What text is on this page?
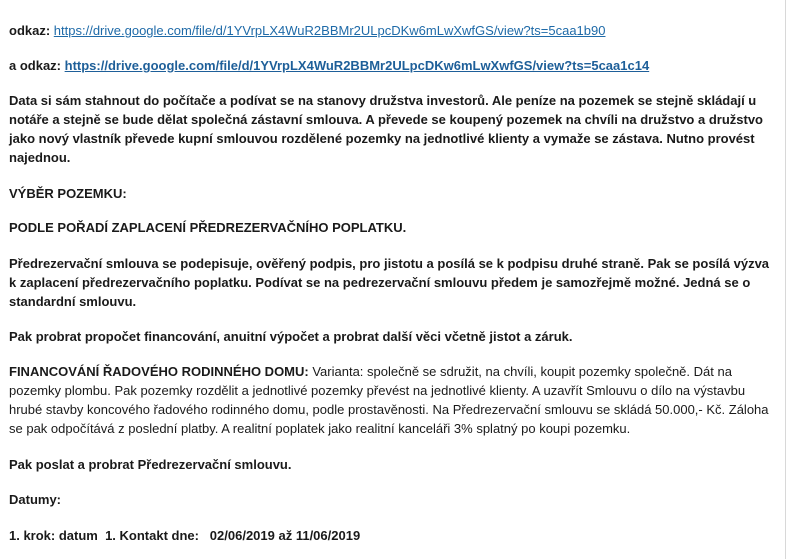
odkaz: https://drive.google.com/file/d/1YVrpLX4WuR2BBMr2ULpcDKw6mLwXwfGS/view?ts=5caa1b90

a odkaz: https://drive.google.com/file/d/1YVrpLX4WuR2BBMr2ULpcDKw6mLwXwfGS/view?ts=5caa1c14

Data si sám stahnout do počítače a podívat se na stanovy družstva investorů. Ale peníze na pozemek se stejně skládají u notáře a stejně se bude dělat společná zástavní smlouva. A převede se koupený pozemek na chvíli na družstvo a družstvo jako nový vlastník převede kupní smlouvou rozdělené pozemky na jednotlivé klienty a vymaže se zástava. Nutno provést najednou.

VÝBĚR POZEMKU:

PODLE POŘADÍ ZAPLACENÍ PŘEDREZERVAČNÍHO POPLATKU.

Předrezervační smlouva se podepisuje, ověřený podpis, pro jistotu a posílá se k podpisu druhé straně. Pak se posílá výzva k zaplacení předrezervačního poplatku. Podívat se na pedrezervační smlouvu předem je samozřejmě možné. Jedná se o standardní smlouvu.

Pak probrat propočet financování, anuitní výpočet a probrat další věci včetně jistot a záruk.

FINANCOVÁNÍ ŘADOVÉHO RODINNÉHO DOMU: Varianta: společně se sdružit, na chvíli, koupit pozemky společně. Dát na pozemky plombu. Pak pozemky rozdělit a jednotlivé pozemky převést na jednotlivé klienty. A uzavřít Smlouvu o dílo na výstavbu hrubé stavby koncového řadového rodinného domu, podle prostavěnosti. Na Předrezervační smlouvu se skládá 50.000,- Kč. Záloha se pak odpočítává z poslední platby. A realitní poplatek jako realitní kanceláři 3% splatný po koupi pozemku.

Pak poslat a probrat Předrezervační smlouvu.

Datumy:

1. krok: datum  1. Kontakt dne:   02/06/2019 až 11/06/2019
